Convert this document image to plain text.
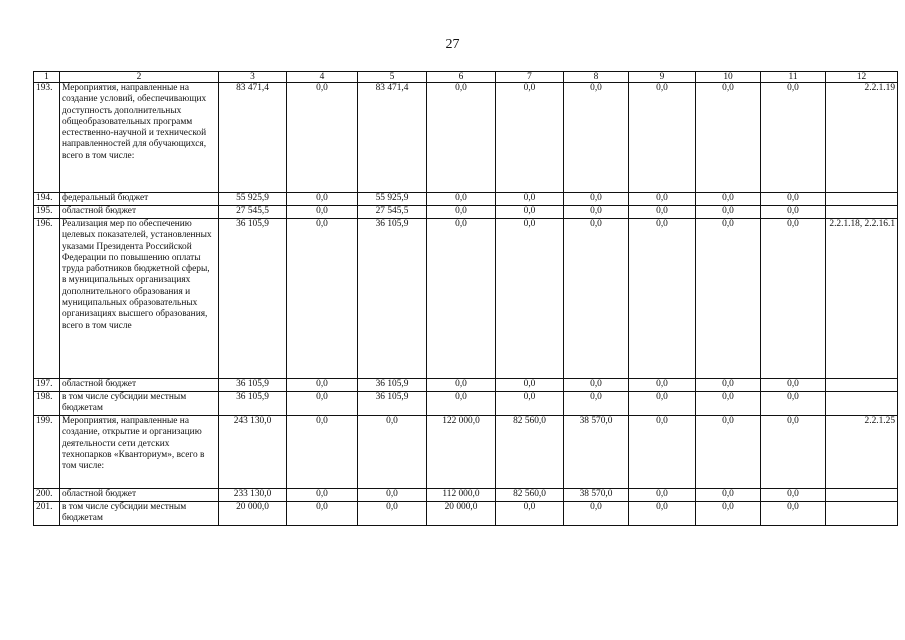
27
1	2	3	4	5	6	7	8	9	10	11	12
193.	Мероприятия, направленные на создание условий, обеспечивающих доступность дополнительных общеобразовательных программ естественно-научной и технической направленностей для обучающихся, всего в том числе:	83 471,4	0,0	83 471,4	0,0	0,0	0,0	0,0	0,0	0,0	2.2.1.19
194.	федеральный бюджет	55 925,9	0,0	55 925,9	0,0	0,0	0,0	0,0	0,0	0,0	
195.	областной бюджет	27 545,5	0,0	27 545,5	0,0	0,0	0,0	0,0	0,0	0,0	
196.	Реализация мер по обеспечению целевых показателей, установленных указами Президента Российской Федерации по повышению оплаты труда работников бюджетной сферы, в муниципальных организациях дополнительного образования и муниципальных образовательных организациях высшего образования, всего в том числе	36 105,9	0,0	36 105,9	0,0	0,0	0,0	0,0	0,0	0,0	2.2.1.18, 2.2.16.1
197.	областной бюджет	36 105,9	0,0	36 105,9	0,0	0,0	0,0	0,0	0,0	0,0	
198.	в том числе субсидии местным бюджетам	36 105,9	0,0	36 105,9	0,0	0,0	0,0	0,0	0,0	0,0	
199.	Мероприятия, направленные на создание, открытие и организацию деятельности сети детских технопарков «Кванториум», всего в том числе:	243 130,0	0,0	0,0	122 000,0	82 560,0	38 570,0	0,0	0,0	0,0	2.2.1.25
200.	областной бюджет	233 130,0	0,0	0,0	112 000,0	82 560,0	38 570,0	0,0	0,0	0,0	
201.	в том числе субсидии местным бюджетам	20 000,0	0,0	0,0	20 000,0	0,0	0,0	0,0	0,0	0,0	
